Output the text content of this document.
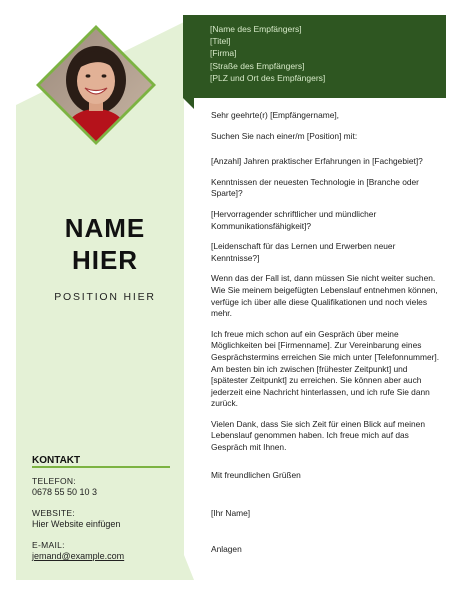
NAME
HIER
POSITION HIER
KONTAKT
TELEFON:
0678 55 50 10 3
WEBSITE:
Hier Website einfügen
E-MAIL:
jemand@example.com
[Name des Empfängers]
[Titel]
[Firma]
[Straße des Empfängers]
[PLZ und Ort des Empfängers]

Sehr geehrte(r) [Empfängername],

Suchen Sie nach einer/m [Position] mit:

[Anzahl] Jahren praktischer Erfahrungen in [Fachgebiet]?

Kenntnissen der neuesten Technologie in [Branche oder Sparte]?

[Hervorragender schriftlicher und mündlicher Kommunikationsfähigkeit]?

[Leidenschaft für das Lernen und Erwerben neuer Kenntnisse?]

Wenn das der Fall ist, dann müssen Sie nicht weiter suchen. Wie Sie meinem beigefügten Lebenslauf entnehmen können, verfüge ich über alle diese Qualifikationen und noch vieles mehr.

Ich freue mich schon auf ein Gespräch über meine Möglichkeiten bei [Firmenname]. Zur Vereinbarung eines Gesprächstermins erreichen Sie mich unter [Telefonnummer]. Am besten bin ich zwischen [frühester Zeitpunkt] und [spätester Zeitpunkt] zu erreichen. Sie können aber auch jederzeit eine Nachricht hinterlassen, und ich rufe Sie dann zurück.

Vielen Dank, dass Sie sich Zeit für einen Blick auf meinen Lebenslauf genommen haben. Ich freue mich auf das Gespräch mit Ihnen.

Mit freundlichen Grüßen
[Ihr Name]
Anlagen
